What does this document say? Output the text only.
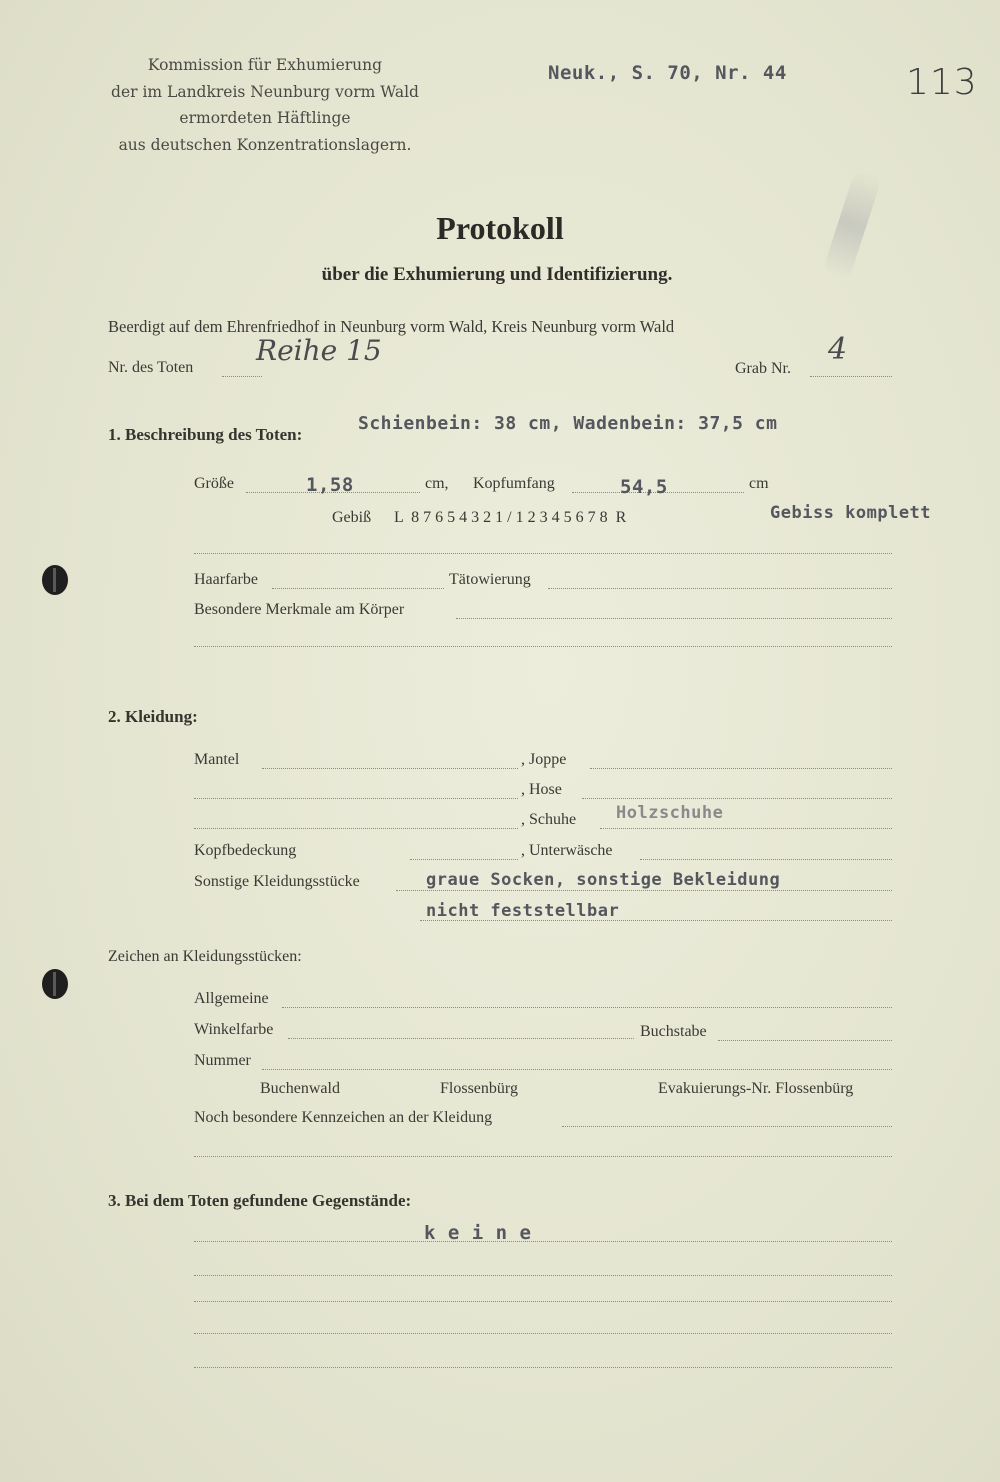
Kommission für Exhumierung
der im Landkreis Neunburg vorm Wald
ermordeten Häftlinge
aus deutschen Konzentrationslagern.
Neuk., S. 70, Nr. 44	113
Protokoll
über die Exhumierung und Identifizierung.
Beerdigt auf dem Ehrenfriedhof in Neunburg vorm Wald, Kreis Neunburg vorm Wald
Nr. des Toten
Reihe 15
Grab Nr.
4
1. Beschreibung des Toten:
Schienbein: 38 cm, Wadenbein: 37,5 cm
Größe	1,58	cm, Kopfumfang	54,5	cm
Gebiß L  8 7 6 5 4 3 2 1 / 1 2 3 4 5 6 7 8  R	Gebiss komplett
Haarfarbe	Tätowierung
Besondere Merkmale am Körper
2. Kleidung:
Mantel	, Joppe
, Hose
, Schuhe Holzschuhe
Kopfbedeckung	, Unterwäsche
Sonstige Kleidungsstücke	graue Socken, sonstige Bekleidung
nicht feststellbar
Zeichen an Kleidungsstücken:
Allgemeine
Winkelfarbe	Buchstabe
Nummer
Buchenwald	Flossenbürg	Evakuierungs-Nr. Flossenbürg
Noch besondere Kennzeichen an der Kleidung
3. Bei dem Toten gefundene Gegenstände:
k e i n e
